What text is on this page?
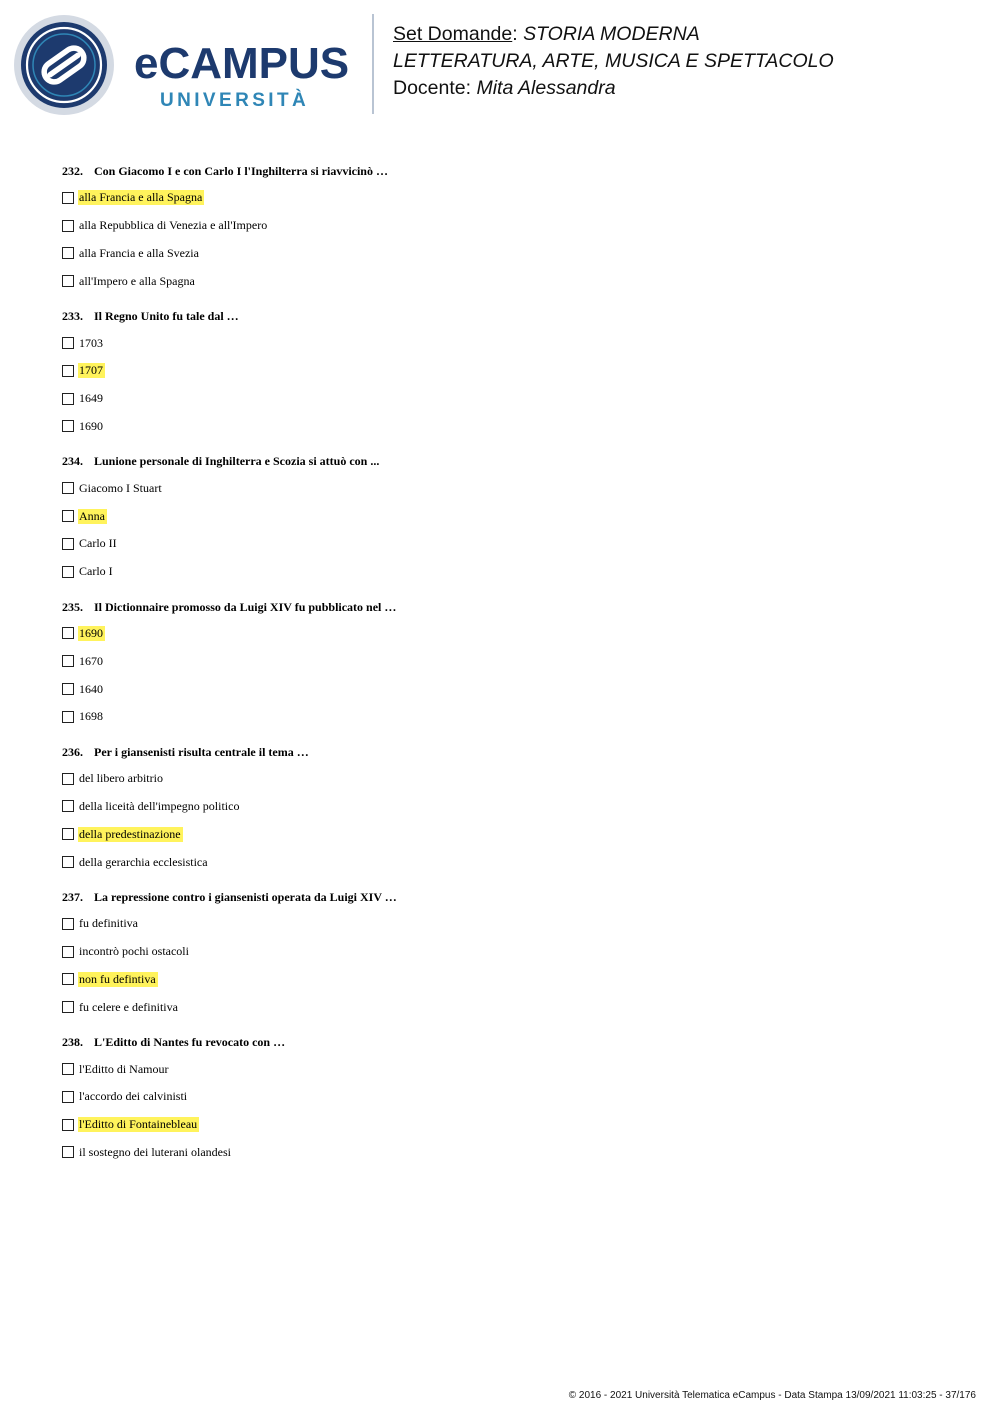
eCAMPUS
UNIVERSITÀ
Set Domande: STORIA MODERNA
LETTERATURA, ARTE, MUSICA E SPETTACOLO
Docente: Mita Alessandra
232. Con Giacomo I e con Carlo I l'Inghilterra si riavvicinò …
alla Francia e alla Spagna
alla Repubblica di Venezia e all'Impero
alla Francia e alla Svezia
all'Impero e alla Spagna
233. Il Regno Unito fu tale dal …
1703
1707
1649
1690
234. Lunione personale di Inghilterra e Scozia si attuò con ...
Giacomo I Stuart
Anna
Carlo II
Carlo I
235. Il Dictionnaire promosso da Luigi XIV fu pubblicato nel …
1690
1670
1640
1698
236. Per i giansenisti risulta centrale il tema …
del libero arbitrio
della liceità dell'impegno politico
della predestinazione
della gerarchia ecclesistica
237. La repressione contro i giansenisti operata da Luigi XIV …
fu definitiva
incontrò pochi ostacoli
non fu defintiva
fu celere e definitiva
238. L'Editto di Nantes fu revocato con …
l'Editto di Namour
l'accordo dei calvinisti
l'Editto di Fontainebleau
il sostegno dei luterani olandesi
© 2016 - 2021 Università Telematica eCampus - Data Stampa 13/09/2021 11:03:25 - 37/176
